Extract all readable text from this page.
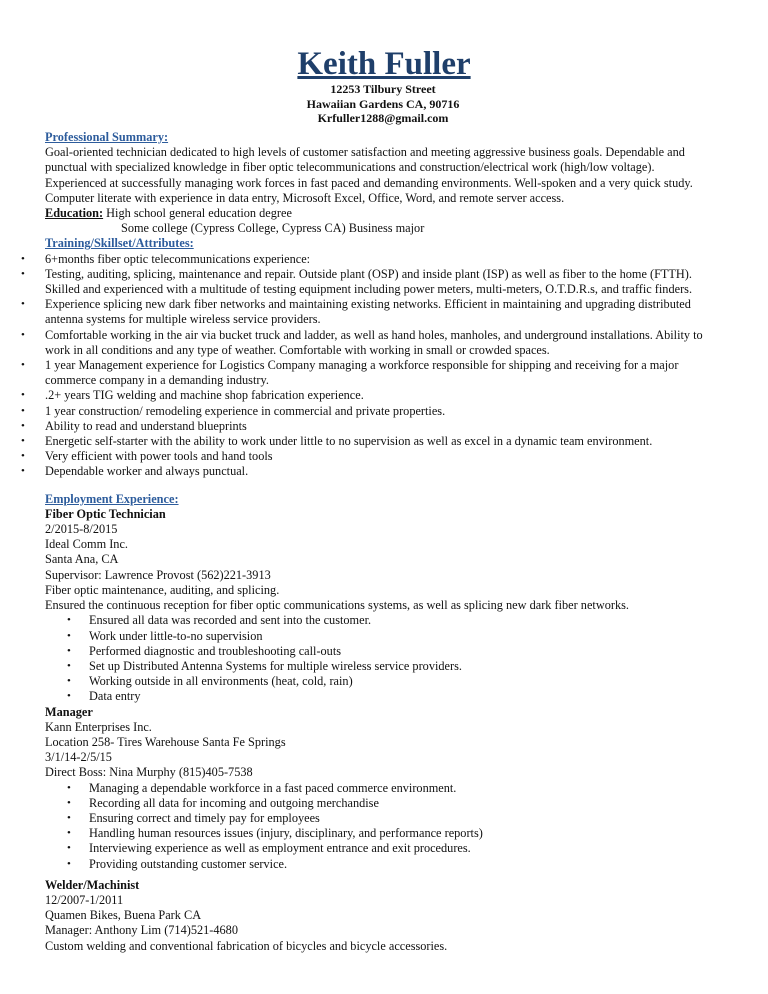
Keith Fuller
12253 Tilbury Street
Hawaiian Gardens CA, 90716
Krfuller1288@gmail.com
Professional Summary:
Goal-oriented technician dedicated to high levels of customer satisfaction and meeting aggressive business goals. Dependable and
punctual with specialized knowledge in fiber optic telecommunications and construction/electrical work (high/low voltage).
Experienced at successfully managing work forces in fast paced and demanding environments. Well-spoken and a very quick study.
Computer literate with experience in data entry, Microsoft Excel, Office, Word, and remote server access.
Education: High school general education degree
Some college (Cypress College, Cypress CA) Business major
Training/Skillset/Attributes:
• 6+months fiber optic telecommunications experience:
• Testing, auditing, splicing, maintenance and repair. Outside plant (OSP) and inside plant (ISP) as well as fiber to the home (FTTH).
Skilled and experienced with a multitude of testing equipment including power meters, multi-meters, O.T.D.R.s, and traffic finders.
• Experience splicing new dark fiber networks and maintaining existing networks. Efficient in maintaining and upgrading distributed
antenna systems for multiple wireless service providers.
• Comfortable working in the air via bucket truck and ladder, as well as hand holes, manholes, and underground installations. Ability to
work in all conditions and any type of weather. Comfortable with working in small or crowded spaces.
• 1 year Management experience for Logistics Company managing a workforce responsible for shipping and receiving for a major
commerce company in a demanding industry.
• .2+ years TIG welding and machine shop fabrication experience.
• 1 year construction/ remodeling experience in commercial and private properties.
• Ability to read and understand blueprints
• Energetic self-starter with the ability to work under little to no supervision as well as excel in a dynamic team environment.
• Very efficient with power tools and hand tools
• Dependable worker and always punctual.
Employment Experience:
Fiber Optic Technician
2/2015-8/2015
Ideal Comm Inc.
Santa Ana, CA
Supervisor: Lawrence Provost (562)221-3913
Fiber optic maintenance, auditing, and splicing.
Ensured the continuous reception for fiber optic communications systems, as well as splicing new dark fiber networks.
• Ensured all data was recorded and sent into the customer.
• Work under little-to-no supervision
• Performed diagnostic and troubleshooting call-outs
• Set up Distributed Antenna Systems for multiple wireless service providers.
• Working outside in all environments (heat, cold, rain)
• Data entry
Manager
Kann Enterprises Inc.
Location 258- Tires Warehouse Santa Fe Springs
3/1/14-2/5/15
Direct Boss: Nina Murphy (815)405-7538
• Managing a dependable workforce in a fast paced commerce environment.
• Recording all data for incoming and outgoing merchandise
• Ensuring correct and timely pay for employees
• Handling human resources issues (injury, disciplinary, and performance reports)
• Interviewing experience as well as employment entrance and exit procedures.
• Providing outstanding customer service.
Welder/Machinist
12/2007-1/2011
Quamen Bikes, Buena Park CA
Manager: Anthony Lim (714)521-4680
Custom welding and conventional fabrication of bicycles and bicycle accessories.
